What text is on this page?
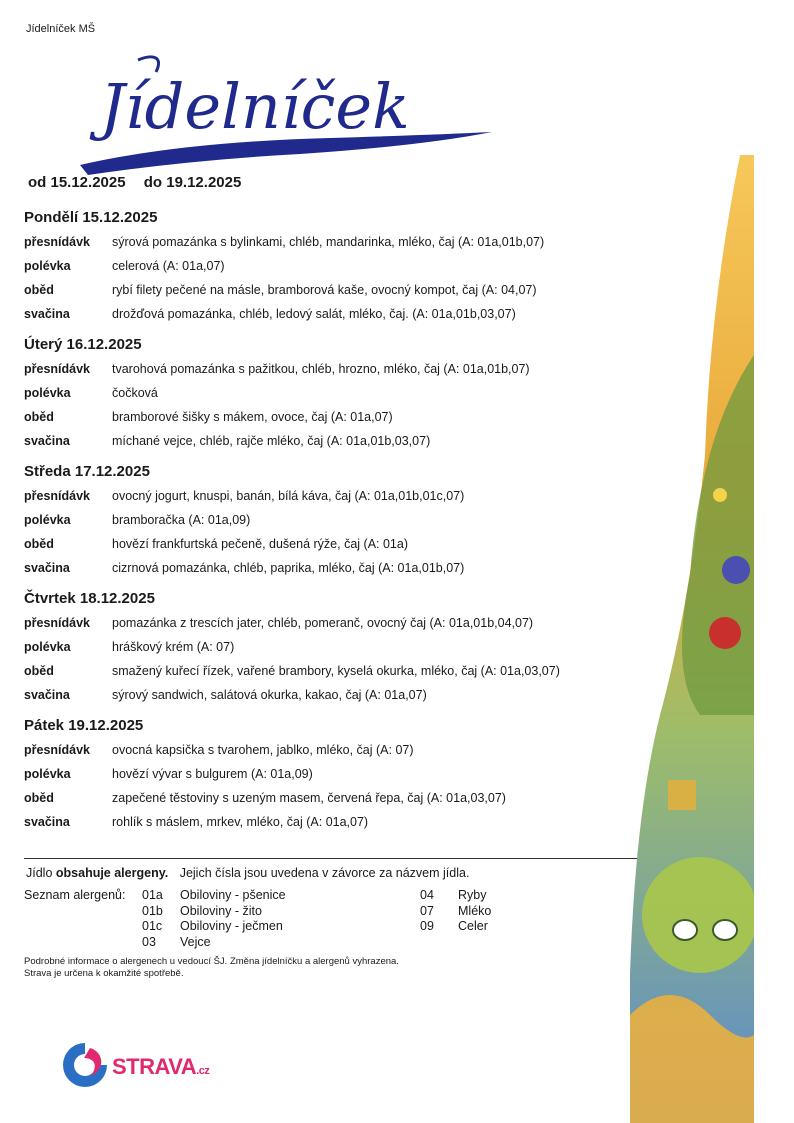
Jídelníček MŠ
Jídelníček
od 15.12.2025 do 19.12.2025
Pondělí 15.12.2025
přesnídávk	sýrová pomazánka s bylinkami, chléb, mandarinka, mléko, čaj (A: 01a,01b,07)
polévka	celerová (A: 01a,07)
oběd	rybí filety pečené na másle, bramborová kaše, ovocný kompot, čaj (A: 04,07)
svačina	drožďová pomazánka, chléb, ledový salát, mléko, čaj. (A: 01a,01b,03,07)
Úterý 16.12.2025
přesnídávk	tvarohová pomazánka s pažitkou, chléb, hrozno, mléko, čaj (A: 01a,01b,07)
polévka	čočková
oběd	bramborové šišky s mákem, ovoce, čaj (A: 01a,07)
svačina	míchané vejce, chléb, rajče mléko, čaj (A: 01a,01b,03,07)
Středa 17.12.2025
přesnídávk	ovocný jogurt, knuspi, banán, bílá káva, čaj (A: 01a,01b,01c,07)
polévka	bramboračka (A: 01a,09)
oběd	hovězí frankfurtská pečeně, dušená rýže, čaj (A: 01a)
svačina	cizrnová pomazánka, chléb, paprika, mléko, čaj (A: 01a,01b,07)
Čtvrtek 18.12.2025
přesnídávk	pomazánka z trescích jater, chléb, pomeranč, ovocný čaj (A: 01a,01b,04,07)
polévka	hráškový krém (A: 07)
oběd	smažený kuřecí řízek, vařené brambory, kyselá okurka, mléko, čaj (A: 01a,03,07)
svačina	sýrový sandwich, salátová okurka, kakao, čaj (A: 01a,07)
Pátek 19.12.2025
přesnídávk	ovocná kapsička s tvarohem, jablko, mléko, čaj (A: 07)
polévka	hovězí vývar s bulgurem (A: 01a,09)
oběd	zapečené těstoviny s uzeným masem, červená řepa, čaj (A: 01a,03,07)
svačina	rohlík s máslem, mrkev, mléko, čaj (A: 01a,07)
Jídlo obsahuje alergeny. Jejich čísla jsou uvedena v závorce za názvem jídla.
Seznam alergenů: 01a Obiloviny - pšenice
01b Obiloviny - žito
01c Obiloviny - ječmen
03 Vejce
04 Ryby
07 Mléko
09 Celer
Podrobné informace o alergenech u vedoucí ŠJ. Změna jídelníčku a alergenů vyhrazena.
Strava je určena k okamžité spotřebě.
STRAVA.cz
